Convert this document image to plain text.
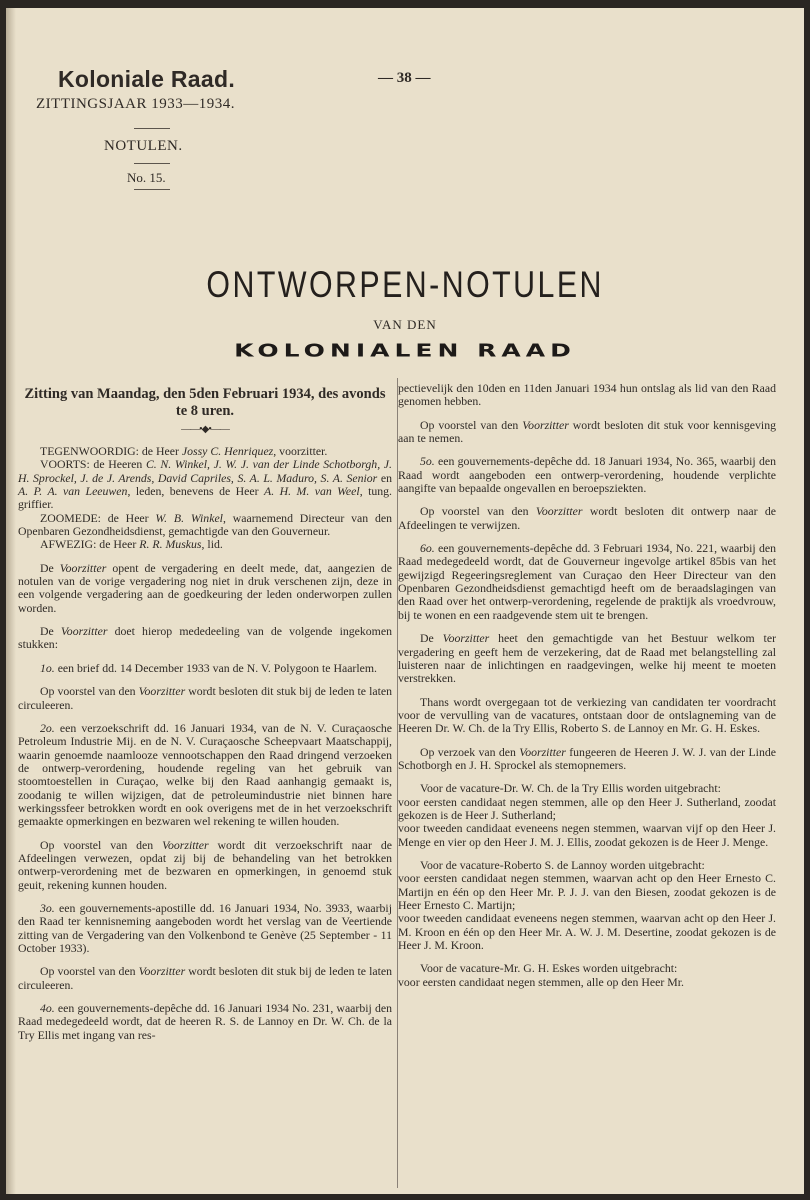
Koloniale Raad.
ZITTINGSJAAR 1933—1934.
— 38 —
NOTULEN.
No. 15.
ONTWORPEN-NOTULEN
VAN DEN
KOLONIALEN RAAD
Zitting van Maandag, den 5den Februari 1934, des avonds te 8 uren.
——•◆•——
TEGENWOORDIG: de Heer Jossy C. Henriquez, voorzitter.
VOORTS: de Heeren C. N. Winkel, J. W. J. van der Linde Schotborgh, J. H. Sprockel, J. de J. Arends, David Capriles, S. A. L. Maduro, S. A. Senior en A. P. A. van Leeuwen, leden, benevens de Heer A. H. M. van Weel, tung. griffier.
ZOOMEDE: de Heer W. B. Winkel, waarnemend Directeur van den Openbaren Gezondheidsdienst, gemachtigde van den Gouverneur.
AFWEZIG: de Heer R. R. Muskus, lid.
De Voorzitter opent de vergadering en deelt mede, dat, aangezien de notulen van de vorige vergadering nog niet in druk verschenen zijn, deze in een volgende vergadering aan de goedkeuring der leden onderworpen zullen worden.
De Voorzitter doet hierop mededeeling van de volgende ingekomen stukken:
1o. een brief dd. 14 December 1933 van de N. V. Polygoon te Haarlem.
Op voorstel van den Voorzitter wordt besloten dit stuk bij de leden te laten circuleeren.
2o. een verzoekschrift dd. 16 Januari 1934, van de N. V. Curaçaosche Petroleum Industrie Mij. en de N. V. Curaçaosche Scheepvaart Maatschappij, waarin genoemde naamlooze vennootschappen den Raad dringend verzoeken de ontwerp-verordening, houdende regeling van het gebruik van stoomtoestellen in Curaçao, welke bij den Raad aanhangig gemaakt is, zoodanig te willen wijzigen, dat de petroleumindustrie niet binnen hare werkingssfeer betrokken wordt en ook overigens met de in het verzoekschrift gemaakte opmerkingen en bezwaren wel rekening te willen houden.
Op voorstel van den Voorzitter wordt dit verzoekschrift naar de Afdeelingen verwezen, opdat zij bij de behandeling van het betrokken ontwerp-verordening met de bezwaren en opmerkingen, in genoemd stuk geuit, rekening kunnen houden.
3o. een gouvernements-apostille dd. 16 Januari 1934, No. 3933, waarbij den Raad ter kennisneming aangeboden wordt het verslag van de Veertiende zitting van de Vergadering van den Volkenbond te Genève (25 September - 11 October 1933).
Op voorstel van den Voorzitter wordt besloten dit stuk bij de leden te laten circuleeren.
4o. een gouvernements-depêche dd. 16 Januari 1934 No. 231, waarbij den Raad medegedeeld wordt, dat de heeren R. S. de Lannoy en Dr. W. Ch. de la Try Ellis met ingang van res-
pectievelijk den 10den en 11den Januari 1934 hun ontslag als lid van den Raad genomen hebben.
Op voorstel van den Voorzitter wordt besloten dit stuk voor kennisgeving aan te nemen.
5o. een gouvernements-depêche dd. 18 Januari 1934, No. 365, waarbij den Raad wordt aangeboden een ontwerp-verordening, houdende verplichte aangifte van bepaalde ongevallen en beroepsziekten.
Op voorstel van den Voorzitter wordt besloten dit ontwerp naar de Afdeelingen te verwijzen.
6o. een gouvernements-depêche dd. 3 Februari 1934, No. 221, waarbij den Raad medegedeeld wordt, dat de Gouverneur ingevolge artikel 85bis van het gewijzigd Regeeringsreglement van Curaçao den Heer Directeur van den Openbaren Gezondheidsdienst gemachtigd heeft om de beraadslagingen van den Raad over het ontwerp-verordening, regelende de praktijk als vroedvrouw, bij te wonen en een raadgevende stem uit te brengen.
De Voorzitter heet den gemachtigde van het Bestuur welkom ter vergadering en geeft hem de verzekering, dat de Raad met belangstelling zal luisteren naar de inlichtingen en raadgevingen, welke hij meent te moeten verstrekken.
Thans wordt overgegaan tot de verkiezing van candidaten ter voordracht voor de vervulling van de vacatures, ontstaan door de ontslagneming van de Heeren Dr. W. Ch. de la Try Ellis, Roberto S. de Lannoy en Mr. G. H. Eskes.
Op verzoek van den Voorzitter fungeeren de Heeren J. W. J. van der Linde Schotborgh en J. H. Sprockel als stemopnemers.
Voor de vacature-Dr. W. Ch. de la Try Ellis worden uitgebracht:
voor eersten candidaat negen stemmen, alle op den Heer J. Sutherland, zoodat gekozen is de Heer J. Sutherland;
voor tweeden candidaat eveneens negen stemmen, waarvan vijf op den Heer J. Menge en vier op den Heer J. M. J. Ellis, zoodat gekozen is de Heer J. Menge.
Voor de vacature-Roberto S. de Lannoy worden uitgebracht:
voor eersten candidaat negen stemmen, waarvan acht op den Heer Ernesto C. Martijn en één op den Heer Mr. P. J. J. van den Biesen, zoodat gekozen is de Heer Ernesto C. Martijn;
voor tweeden candidaat eveneens negen stemmen, waarvan acht op den Heer J. M. Kroon en één op den Heer Mr. A. W. J. M. Desertine, zoodat gekozen is de Heer J. M. Kroon.
Voor de vacature-Mr. G. H. Eskes worden uitgebracht:
voor eersten candidaat negen stemmen, alle op den Heer Mr.
